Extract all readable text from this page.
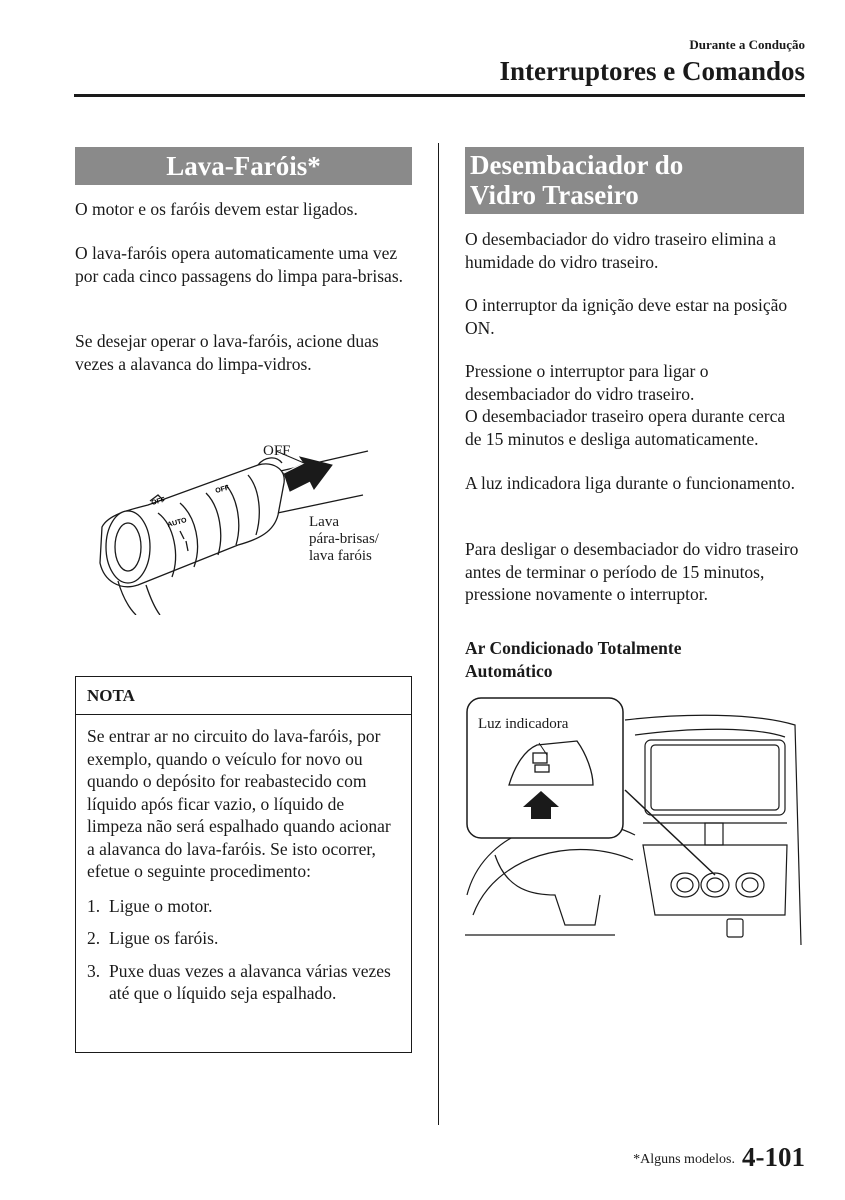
Durante a Condução
Interruptores e Comandos
Lava-Faróis*
O motor e os faróis devem estar ligados.
O lava-faróis opera automaticamente uma vez por cada cinco passagens do limpa para-brisas.
Se desejar operar o lava-faróis, acione duas vezes a alavanca do limpa-vidros.
OFF
AUTO
OFF
OFF
Lava
pára-brisas/
lava faróis
NOTA
Se entrar ar no circuito do lava-faróis, por exemplo, quando o veículo for novo ou quando o depósito for reabastecido com líquido após ficar vazio, o líquido de limpeza não será espalhado quando acionar a alavanca do lava-faróis. Se isto ocorrer, efetue o seguinte procedimento:
1. Ligue o motor.
2. Ligue os faróis.
3. Puxe duas vezes a alavanca várias vezes até que o líquido seja espalhado.
Desembaciador do
Vidro Traseiro
O desembaciador do vidro traseiro elimina a humidade do vidro traseiro.
O interruptor da ignição deve estar na posição ON.
Pressione o interruptor para ligar o desembaciador do vidro traseiro.
O desembaciador traseiro opera durante cerca de 15 minutos e desliga automaticamente.
A luz indicadora liga durante o funcionamento.
Para desligar o desembaciador do vidro traseiro antes de terminar o período de 15 minutos, pressione novamente o interruptor.
Ar Condicionado Totalmente
Automático
Luz indicadora
*Alguns modelos. 4-101
